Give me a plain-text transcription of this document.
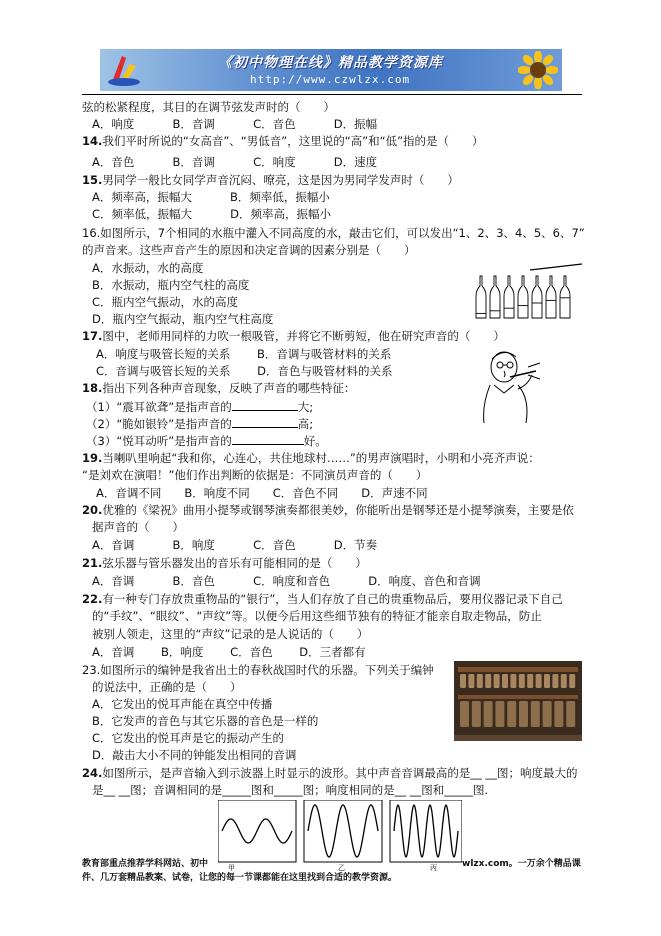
《初中物理在线》精品教学资源库
http://www.czwlzx.com
弦的松紧程度，其目的在调节弦发声时的（　　）
A．响度　　　 B．音调　　　 C．音色　　　 D．振幅
14.我们平时所说的“女高音”、“男低音”，这里说的“高”和“低”指的是（　　）
A．音色　　　 B．音调　　　 C．响度　　　 D．速度
15.男同学一般比女同学声音沉闷、嘹亮，这是因为男同学发声时（　　）
A．频率高，振幅大　　　 B．频率低，振幅小
C．频率低，振幅大　　　 D．频率高，振幅小
16.如图所示，7个相同的水瓶中灌入不同高度的水，敲击它们，可以发出“1、2、3、4、5、6、7”
的声音来。这些声音产生的原因和决定音调的因素分别是（　　）
A．水振动，水的高度
B．水振动，瓶内空气柱的高度
C．瓶内空气振动，水的高度
D．瓶内空气振动，瓶内空气柱高度
17.图中，老师用同样的力吹一根吸管，并将它不断剪短，他在研究声音的（　　）
A．响度与吸管长短的关系　　 B．音调与吸管材料的关系
C．音调与吸管长短的关系　　 D．音色与吸管材料的关系
18.指出下列各种声音现象，反映了声音的哪些特征：
（1）“震耳欲聋”是指声音的	大;
（2）“脆如银铃”是指声音的	高;
（3）“悦耳动听”是指声音的	好。
19.当喇叭里响起“我和你，心连心，共住地球村……”的男声演唱时，小明和小亮齐声说：
“是刘欢在演唱！”他们作出判断的依据是：不同演员声音的（　　）
A．音调不同　　B．响度不同　　C．音色不同　　D．声速不同
20.优雅的《梁祝》曲用小提琴或钢琴演奏都很美妙，你能听出是钢琴还是小提琴演奏，主要是依
据声音的（　　）
A．音调　　　 B．响度　　　 C．音色　　　 D．节奏
21.弦乐器与管乐器发出的音乐有可能相同的是（　　）
A．音调　　　 B．音色　　　 C．响度和音色　　　 D．响度、音色和音调
22.有一种专门存放贵重物品的“银行”，当人们存放了自己的贵重物品后，要用仪器记录下自己
的“手纹”、“眼纹”、“声纹”等。以便今后用这些细节独有的特征才能亲自取走物品，防止
被别人领走，这里的“声纹”记录的是人说话的（　　）
A．音调　　 B．响度　　 C．音色　　 D．三者都有
23.如图所示的编钟是我省出土的春秋战国时代的乐器。下列关于编钟
的说法中，正确的是（　　）
A．它发出的悦耳声能在真空中传播
B．它发声的音色与其它乐器的音色是一样的
C．它发出的悦耳声是它的振动产生的
D．敲击大小不同的钟能发出相同的音调
24.如图所示，是声音输入到示波器上时显示的波形。其中声音音调最高的是__ __图；响度最大的
是__ __图；音调相同的是_____图和_____图；响度相同的是__ __图和_____图.
甲	乙	丙
教育部重点推荐学科网站、初中	wlzx.com。一万余个精品课
件、几万套精品教案、试卷，让您的每一节课都能在这里找到合适的教学资源。
